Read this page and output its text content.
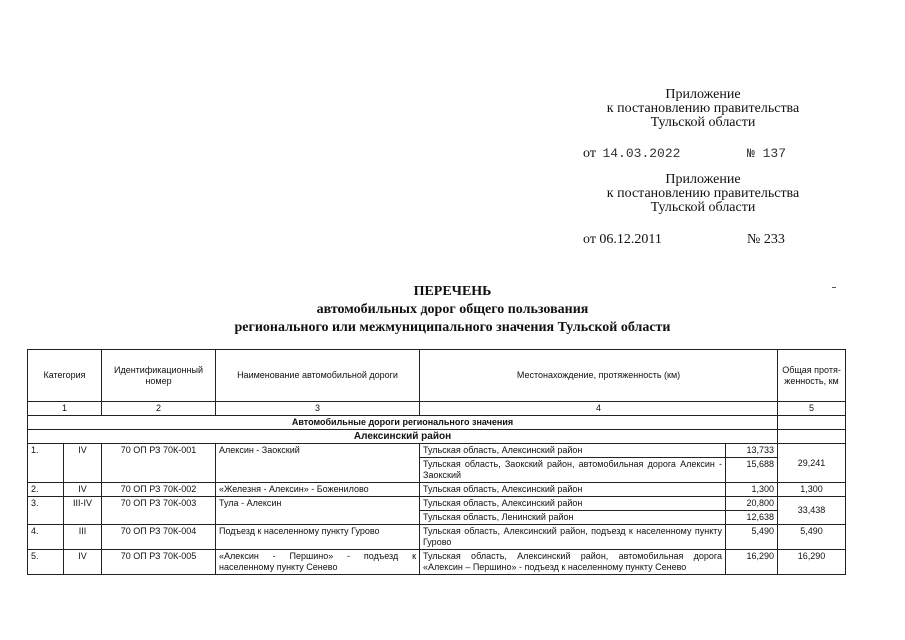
Приложение
к постановлению правительства
Тульской области
от 14.03.2022	№ 137
Приложение
к постановлению правительства
Тульской области
от 06.12.2011	№ 233
ПЕРЕЧЕНЬ
автомобильных дорог общего пользования
регионального или межмуниципального значения Тульской области
Категория		Идентификационный номер	Наименование автомобильной дороги	Местонахождение, протяженность (км)		Общая протя-женность, км
1		2	3	4		5
Автомобильные дороги регионального значения						
Алексинский район						
1.	IV	70 ОП РЗ 70К-001	Алексин - Заокский	Тульская область, Алексинский район	13,733	29,241
				Тульская область, Заокский район, автомобильная дорога Алексин - Заокский	15,688	
2.	IV	70 ОП РЗ 70К-002	«Железня - Алексин» - Боженилово	Тульская область, Алексинский район	1,300	1,300
3.	III-IV	70 ОП РЗ 70К-003	Тула - Алексин	Тульская область, Алексинский район	20,800	33,438
				Тульская область, Ленинский район	12,638	
4.	III	70 ОП РЗ 70К-004	Подъезд к населенному пункту Гурово	Тульская область, Алексинский район, подъезд к населенному пункту Гурово	5,490	5,490
5.	IV	70 ОП РЗ 70К-005	«Алексин - Першино» - подъезд к населенному пункту Сенево	Тульская область, Алексинский район, автомобильная дорога «Алексин – Першино» - подъезд к населенному пункту Сенево	16,290	16,290
